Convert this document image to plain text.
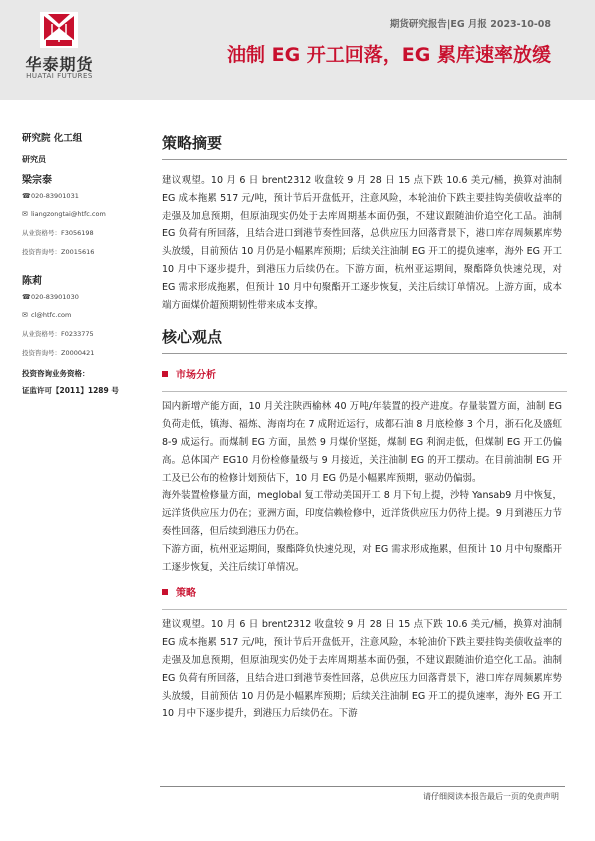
华泰期货
HUATAI FUTURES
期货研究报告|EG 月报 2023-10-08
油制 EG 开工回落，EG 累库速率放缓
研究院 化工组
研究员
梁宗泰
☎020-83901031
✉ liangzongtai@htfc.com
从业资格号：F3056198
投资咨询号：Z0015616
陈莉
☎020-83901030
✉ cl@htfc.com
从业资格号：F0233775
投资咨询号：Z0000421
投资咨询业务资格：
证监许可【2011】1289 号
策略摘要

建议观望。10 月 6 日 brent2312 收盘较 9 月 28 日 15 点下跌 10.6 美元/桶，换算对油制 EG 成本拖累 517 元/吨，预计节后开盘低开，注意风险，本轮油价下跌主要挂钩美债收益率的走强及加息预期，但原油现实仍处于去库周期基本面仍强，不建议跟随油价追空化工品。油制 EG 负荷有所回落，且结合进口到港节奏性回落，总供应压力回落背景下，港口库存周频累库势头放缓，目前预估 10 月仍是小幅累库预期；后续关注油制 EG 开工的提负速率，海外 EG 开工 10 月中下逐步提升，到港压力后续仍在。下游方面，杭州亚运期间，聚酯降负快速兑现，对 EG 需求形成拖累，但预计 10 月中旬聚酯开工逐步恢复，关注后续订单情况。上游方面，成本端方面煤价超预期韧性带来成本支撑。

核心观点
市场分析

国内新增产能方面，10 月关注陕西榆林 40 万吨/年装置的投产进度。存量装置方面，油制 EG 负荷走低，镇海、福炼、海南均在 7 成附近运行，成都石油 8 月底检修 3 个月，浙石化及盛虹 8-9 成运行。而煤制 EG 方面，虽然 9 月煤价坚挺，煤制 EG 利润走低，但煤制 EG 开工仍偏高。总体国产 EG10 月份检修量级与 9 月接近，关注油制 EG 的开工摆动。在目前油制 EG 开工及已公布的检修计划预估下，10 月 EG 仍是小幅累库预期，驱动仍偏弱。

海外装置检修量方面，meglobal 复工带动美国开工 8 月下旬上提，沙特 Yansab9 月中恢复，远洋货供应压力仍在；亚洲方面，印度信赖检修中，近洋货供应压力仍待上提。9 月到港压力节奏性回落，但后续到港压力仍在。

下游方面，杭州亚运期间，聚酯降负快速兑现，对 EG 需求形成拖累，但预计 10 月中旬聚酯开工逐步恢复，关注后续订单情况。

策略

建议观望。10 月 6 日 brent2312 收盘较 9 月 28 日 15 点下跌 10.6 美元/桶，换算对油制 EG 成本拖累 517 元/吨，预计节后开盘低开，注意风险，本轮油价下跌主要挂钩美债收益率的走强及加息预期，但原油现实仍处于去库周期基本面仍强，不建议跟随油价追空化工品。油制 EG 负荷有所回落，且结合进口到港节奏性回落，总供应压力回落背景下，港口库存周频累库势头放缓，目前预估 10 月仍是小幅累库预期；后续关注油制 EG 开工的提负速率，海外 EG 开工 10 月中下逐步提升，到港压力后续仍在。下游

请仔细阅读本报告最后一页的免责声明
